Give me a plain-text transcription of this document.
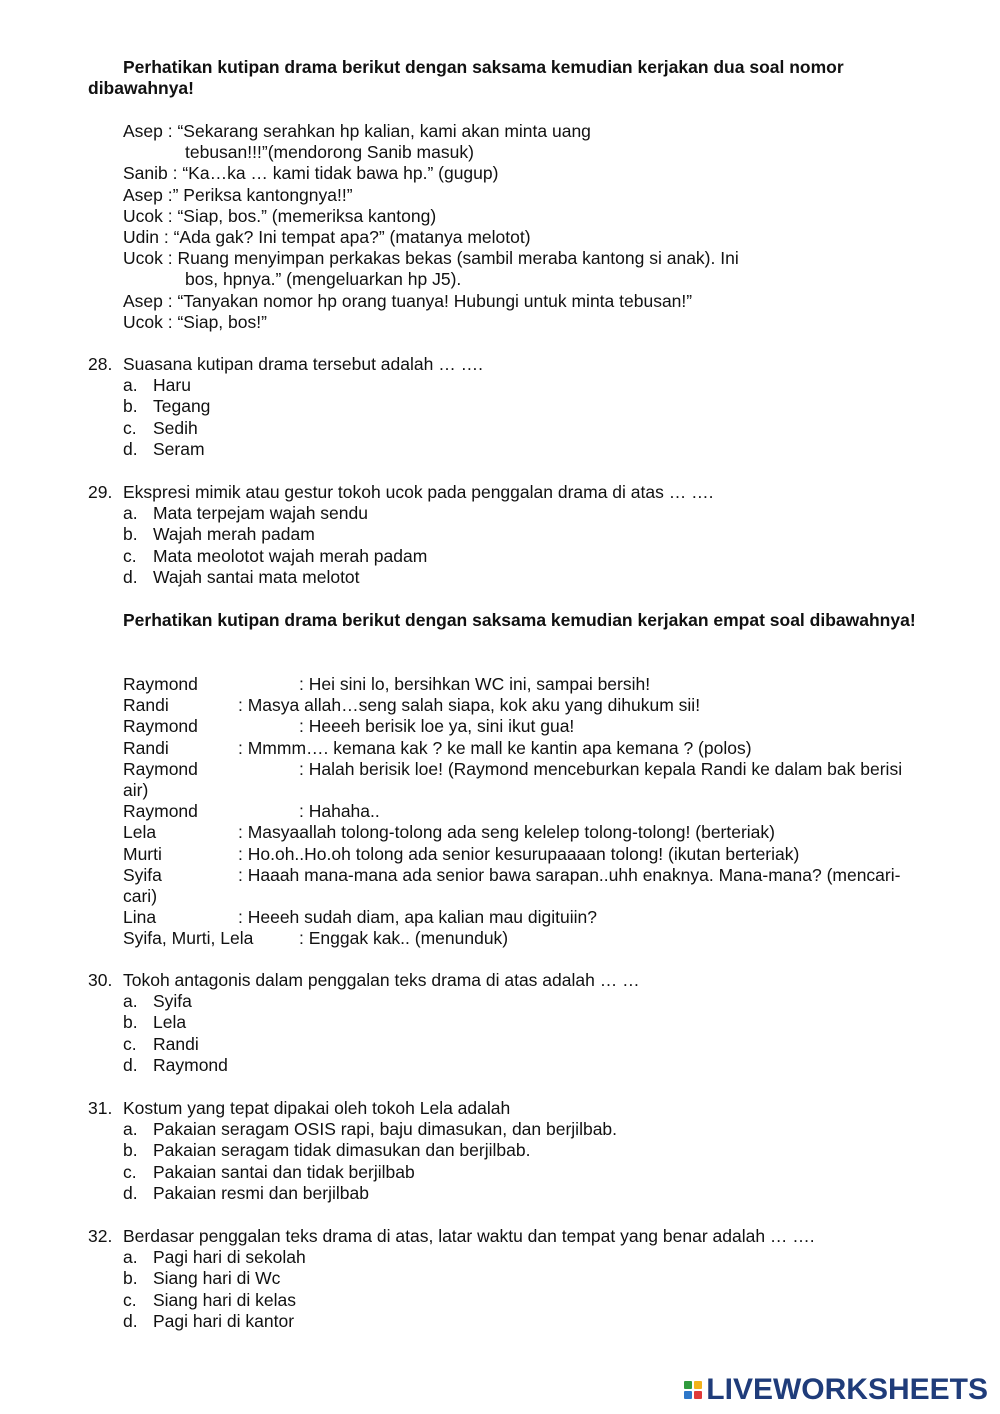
Perhatikan kutipan drama berikut dengan saksama kemudian kerjakan dua soal nomor dibawahnya!
Asep : “Sekarang serahkan hp kalian, kami akan minta uang
tebusan!!!”(mendorong Sanib masuk)
Sanib : “Ka…ka … kami tidak bawa hp.” (gugup)
Asep :” Periksa kantongnya!!”
Ucok : “Siap, bos.” (memeriksa kantong)
Udin : “Ada gak? Ini tempat apa?” (matanya melotot)
Ucok : Ruang menyimpan perkakas bekas (sambil meraba kantong si anak). Ini
bos, hpnya.” (mengeluarkan hp J5).
Asep : “Tanyakan nomor hp orang tuanya! Hubungi untuk minta tebusan!”
Ucok : “Siap, bos!”
28. Suasana kutipan drama tersebut adalah … ….
a. Haru
b. Tegang
c. Sedih
d. Seram
29. Ekspresi mimik atau gestur tokoh ucok pada penggalan drama di atas … ….
a. Mata terpejam wajah sendu
b. Wajah merah padam
c. Mata meolotot wajah merah padam
d. Wajah santai mata melotot
Perhatikan kutipan drama berikut dengan saksama kemudian kerjakan empat soal dibawahnya!
Raymond	: Hei sini lo, bersihkan WC ini, sampai bersih!
Randi	: Masya allah…seng salah siapa, kok aku yang dihukum sii!
Raymond	: Heeeh berisik loe ya, sini ikut gua!
Randi	: Mmmm…. kemana kak ? ke mall ke kantin apa kemana ? (polos)
Raymond	: Halah berisik loe! (Raymond menceburkan kepala Randi ke dalam bak berisi
air)
Raymond	: Hahaha..
Lela	: Masyaallah tolong-tolong ada seng kelelep tolong-tolong! (berteriak)
Murti	: Ho.oh..Ho.oh tolong ada senior kesurupaaaan tolong! (ikutan berteriak)
Syifa	: Haaah mana-mana ada senior bawa sarapan..uhh enaknya. Mana-mana? (mencari-
cari)
Lina	: Heeeh sudah diam, apa kalian mau digituiin?
Syifa, Murti, Lela	: Enggak kak.. (menunduk)
30. Tokoh antagonis dalam penggalan teks drama di atas adalah … …
a. Syifa
b. Lela
c. Randi
d. Raymond
31. Kostum yang tepat dipakai oleh tokoh Lela adalah
a. Pakaian seragam OSIS rapi, baju dimasukan, dan berjilbab.
b. Pakaian seragam tidak dimasukan dan berjilbab.
c. Pakaian santai dan tidak berjilbab
d. Pakaian resmi dan berjilbab
32. Berdasar penggalan teks drama di atas, latar waktu dan tempat yang benar adalah … ….
a. Pagi hari di sekolah
b. Siang hari di Wc
c. Siang hari di kelas
d. Pagi hari di kantor
LIVEWORKSHEETS
